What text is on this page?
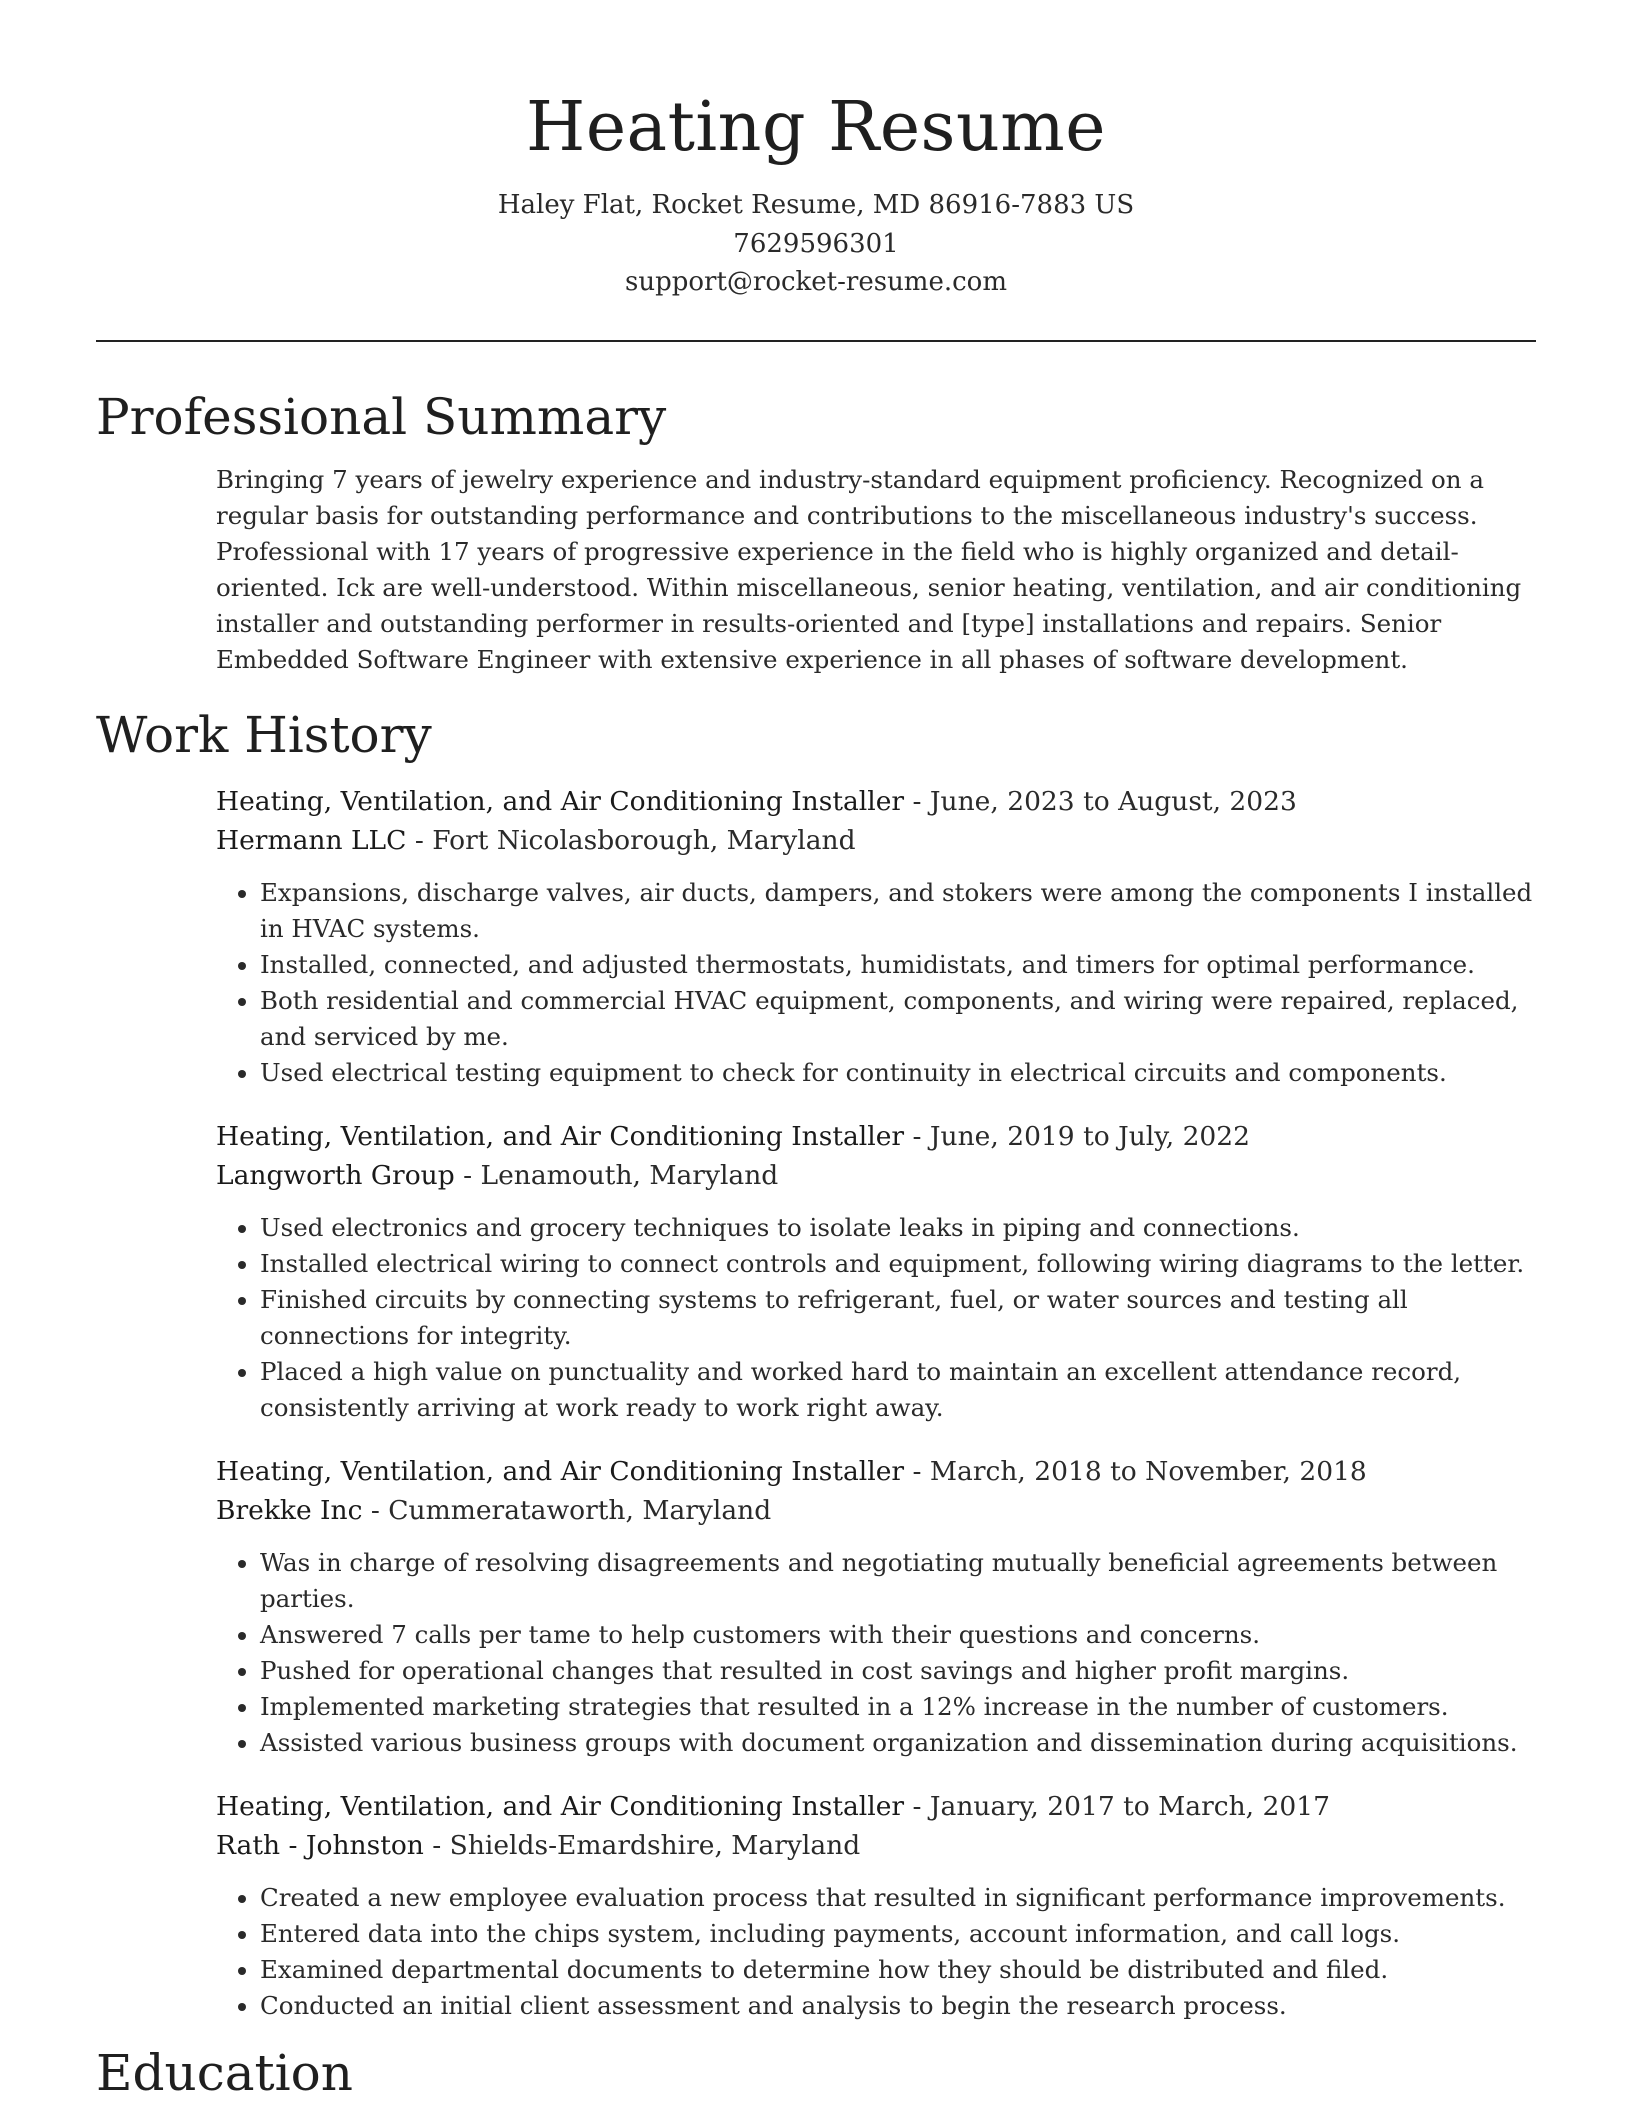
Heating Resume
Haley Flat, Rocket Resume, MD 86916-7883 US
7629596301
support@rocket-resume.com
Professional Summary
Bringing 7 years of jewelry experience and industry-standard equipment proficiency. Recognized on a regular basis for outstanding performance and contributions to the miscellaneous industry's success. Professional with 17 years of progressive experience in the field who is highly organized and detail-oriented. Ick are well-understood. Within miscellaneous, senior heating, ventilation, and air conditioning installer and outstanding performer in results-oriented and [type] installations and repairs. Senior Embedded Software Engineer with extensive experience in all phases of software development.
Work History
Heating, Ventilation, and Air Conditioning Installer - June, 2023 to August, 2023
Hermann LLC - Fort Nicolasborough, Maryland
• Expansions, discharge valves, air ducts, dampers, and stokers were among the components I installed in HVAC systems.
• Installed, connected, and adjusted thermostats, humidistats, and timers for optimal performance.
• Both residential and commercial HVAC equipment, components, and wiring were repaired, replaced, and serviced by me.
• Used electrical testing equipment to check for continuity in electrical circuits and components.
Heating, Ventilation, and Air Conditioning Installer - June, 2019 to July, 2022
Langworth Group - Lenamouth, Maryland
• Used electronics and grocery techniques to isolate leaks in piping and connections.
• Installed electrical wiring to connect controls and equipment, following wiring diagrams to the letter.
• Finished circuits by connecting systems to refrigerant, fuel, or water sources and testing all connections for integrity.
• Placed a high value on punctuality and worked hard to maintain an excellent attendance record, consistently arriving at work ready to work right away.
Heating, Ventilation, and Air Conditioning Installer - March, 2018 to November, 2018
Brekke Inc - Cummerataworth, Maryland
• Was in charge of resolving disagreements and negotiating mutually beneficial agreements between parties.
• Answered 7 calls per tame to help customers with their questions and concerns.
• Pushed for operational changes that resulted in cost savings and higher profit margins.
• Implemented marketing strategies that resulted in a 12% increase in the number of customers.
• Assisted various business groups with document organization and dissemination during acquisitions.
Heating, Ventilation, and Air Conditioning Installer - January, 2017 to March, 2017
Rath - Johnston - Shields-Emardshire, Maryland
• Created a new employee evaluation process that resulted in significant performance improvements.
• Entered data into the chips system, including payments, account information, and call logs.
• Examined departmental documents to determine how they should be distributed and filed.
• Conducted an initial client assessment and analysis to begin the research process.
Education
